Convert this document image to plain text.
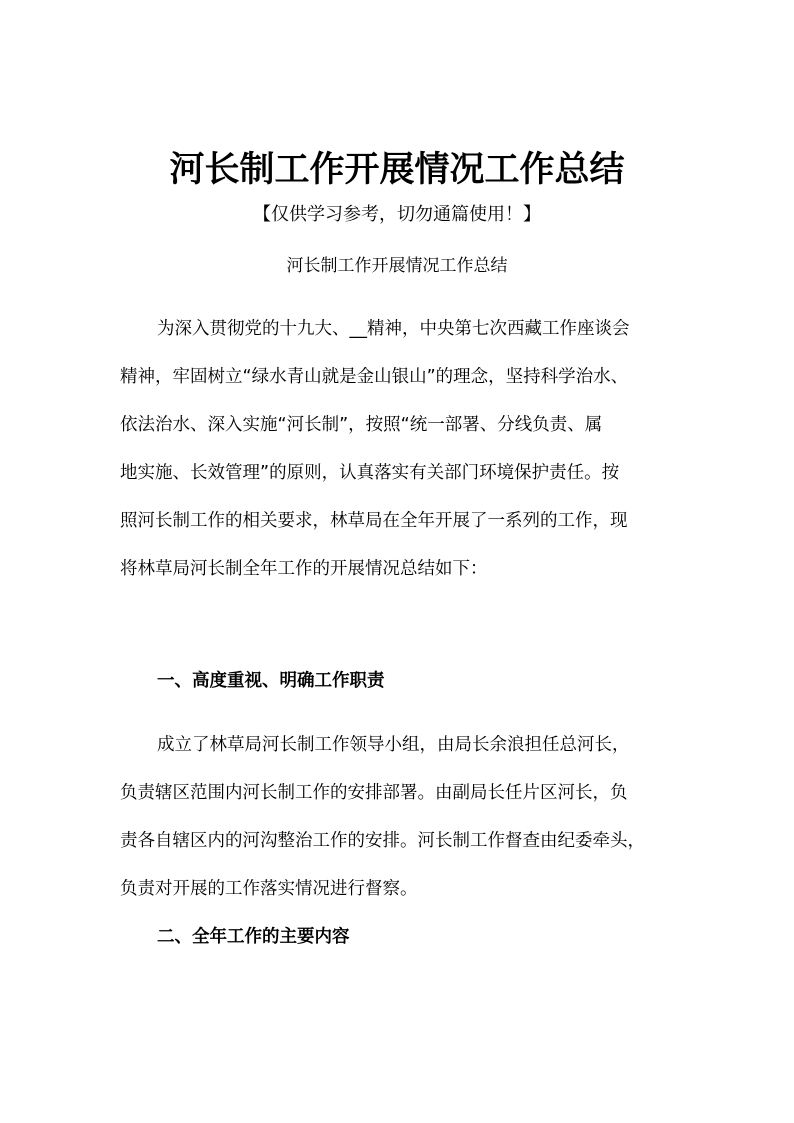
河长制工作开展情况工作总结
【仅供学习参考，切勿通篇使用！】
河长制工作开展情况工作总结
为深入贯彻党的十九大、__精神，中央第七次西藏工作座谈会
精神，牢固树立“绿水青山就是金山银山”的理念，坚持科学治水、
依法治水、深入实施“河长制”，按照“统一部署、分线负责、属
地实施、长效管理”的原则，认真落实有关部门环境保护责任。按
照河长制工作的相关要求，林草局在全年开展了一系列的工作，现
将林草局河长制全年工作的开展情况总结如下：
一、高度重视、明确工作职责
成立了林草局河长制工作领导小组，由局长余浪担任总河长，
负责辖区范围内河长制工作的安排部署。由副局长任片区河长，负
责各自辖区内的河沟整治工作的安排。河长制工作督查由纪委牵头，
负责对开展的工作落实情况进行督察。
二、全年工作的主要内容
